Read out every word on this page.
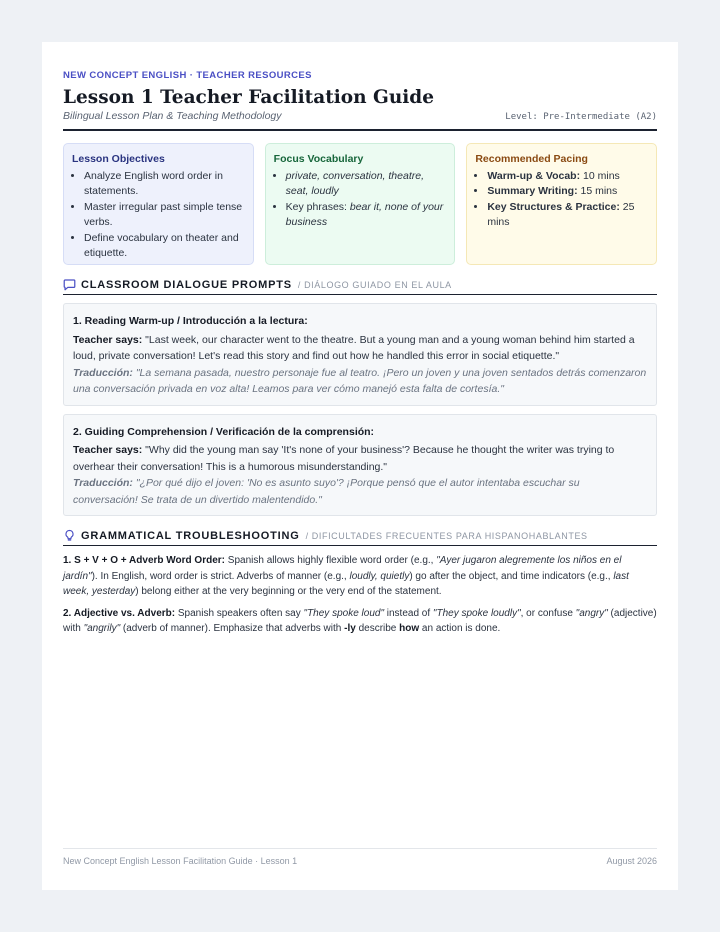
NEW CONCEPT ENGLISH · TEACHER RESOURCES
Lesson 1 Teacher Facilitation Guide
Bilingual Lesson Plan & Teaching Methodology	Level: Pre-Intermediate (A2)
Lesson Objectives
• Analyze English word order in statements.
• Master irregular past simple tense verbs.
• Define vocabulary on theater and etiquette.
Focus Vocabulary
• private, conversation, theatre, seat, loudly
• Key phrases: bear it, none of your business
Recommended Pacing
• Warm-up & Vocab: 10 mins
• Summary Writing: 15 mins
• Key Structures & Practice: 25 mins
CLASSROOM DIALOGUE PROMPTS / DIÁLOGO GUIADO EN EL AULA
1. Reading Warm-up / Introducción a la lectura:
Teacher says: "Last week, our character went to the theatre. But a young man and a young woman behind him started a loud, private conversation! Let's read this story and find out how he handled this error in social etiquette."
Traducción: "La semana pasada, nuestro personaje fue al teatro. ¡Pero un joven y una joven sentados detrás comenzaron una conversación privada en voz alta! Leamos para ver cómo manejó esta falta de cortesía."
2. Guiding Comprehension / Verificación de la comprensión:
Teacher says: "Why did the young man say 'It's none of your business'? Because he thought the writer was trying to overhear their conversation! This is a humorous misunderstanding."
Traducción: "¿Por qué dijo el joven: 'No es asunto suyo'? ¡Porque pensó que el autor intentaba escuchar su conversación! Se trata de un divertido malentendido."
GRAMMATICAL TROUBLESHOOTING / DIFICULTADES FRECUENTES PARA HISPANOHABLANTES

1. S + V + O + Adverb Word Order: Spanish allows highly flexible word order (e.g., "Ayer jugaron alegremente los niños en el jardín"). In English, word order is strict. Adverbs of manner (e.g., loudly, quietly) go after the object, and time indicators (e.g., last week, yesterday) belong either at the very beginning or the very end of the statement.

2. Adjective vs. Adverb: Spanish speakers often say "They spoke loud" instead of "They spoke loudly", or confuse "angry" (adjective) with "angrily" (adverb of manner). Emphasize that adverbs with -ly describe how an action is done.

New Concept English Lesson Facilitation Guide · Lesson 1	August 2026
